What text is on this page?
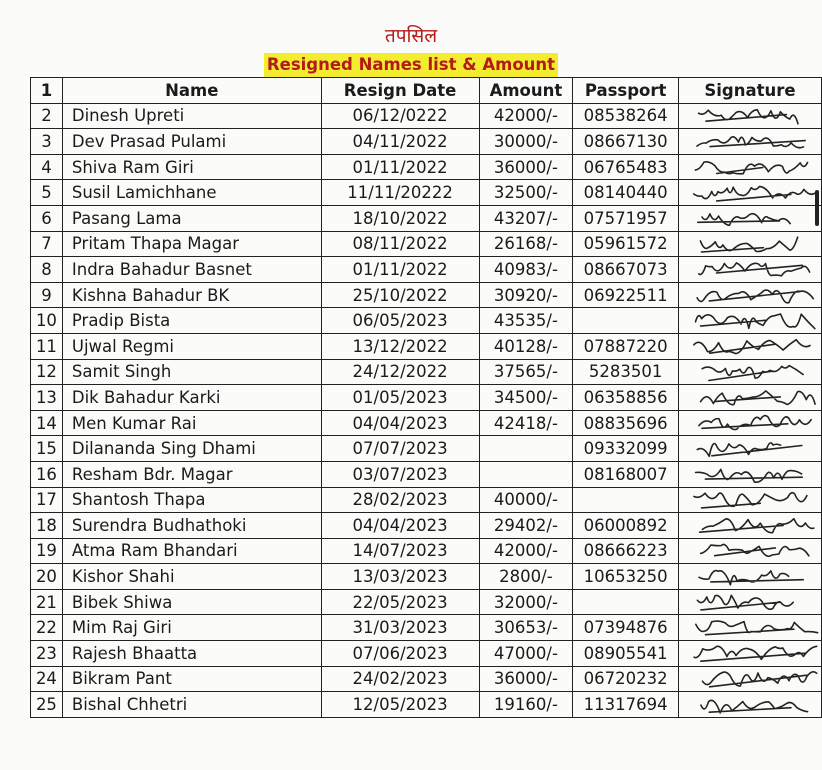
तपसिल
Resigned Names list & Amount
1	Name	Resign Date	Amount	Passport	Signature
2	Dinesh Upreti	06/12/0222	42000/-	08538264	

3	Dev Prasad Pulami	04/11/2022	30000/-	08667130	

4	Shiva Ram Giri	01/11/2022	36000/-	06765483	

5	Susil Lamichhane	11/11/20222	32500/-	08140440	

6	Pasang Lama	18/10/2022	43207/-	07571957	

7	Pritam Thapa Magar	08/11/2022	26168/-	05961572	

8	Indra Bahadur Basnet	01/11/2022	40983/-	08667073	

9	Kishna Bahadur BK	25/10/2022	30920/-	06922511	

10	Pradip Bista	06/05/2023	43535/-		

11	Ujwal Regmi	13/12/2022	40128/-	07887220	

12	Samit Singh	24/12/2022	37565/-	5283501	

13	Dik Bahadur Karki	01/05/2023	34500/-	06358856	

14	Men Kumar Rai	04/04/2023	42418/-	08835696	

15	Dilananda Sing Dhami	07/07/2023		09332099	

16	Resham Bdr. Magar	03/07/2023		08168007	

17	Shantosh Thapa	28/02/2023	40000/-		

18	Surendra Budhathoki	04/04/2023	29402/-	06000892	

19	Atma Ram Bhandari	14/07/2023	42000/-	08666223	

20	Kishor Shahi	13/03/2023	2800/-	10653250	

21	Bibek Shiwa	22/05/2023	32000/-		

22	Mim Raj Giri	31/03/2023	30653/-	07394876	

23	Rajesh Bhaatta	07/06/2023	47000/-	08905541	

24	Bikram Pant	24/02/2023	36000/-	06720232	

25	Bishal Chhetri	12/05/2023	19160/-	11317694	
